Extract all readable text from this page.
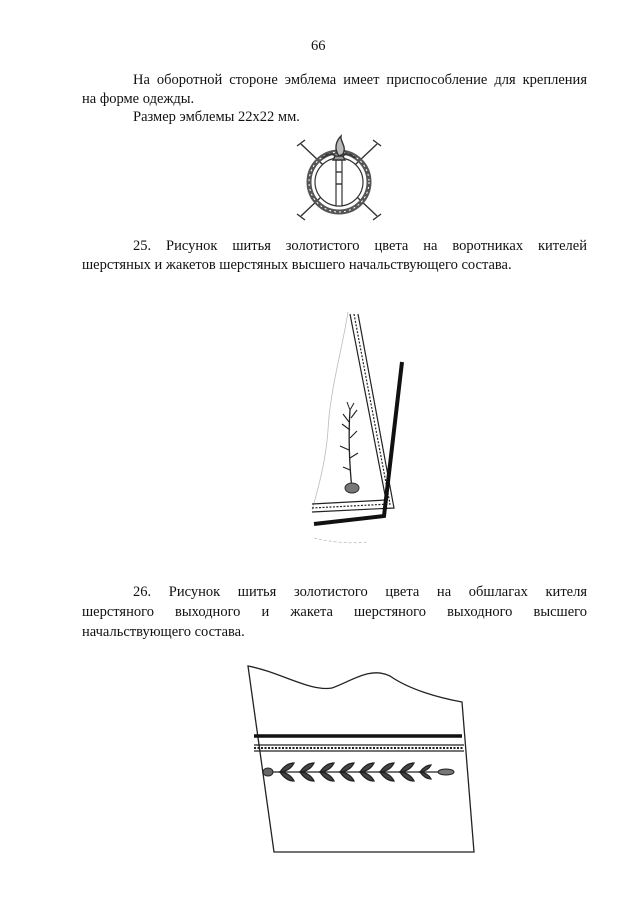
66
На оборотной стороне эмблема имеет приспособление для крепления
на форме одежды.
Размер эмблемы 22х22 мм.
25. Рисунок шитья золотистого цвета на воротниках кителей
шерстяных и жакетов шерстяных высшего начальствующего состава.
26. Рисунок шитья золотистого цвета на обшлагах кителя
шерстяного выходного и жакета шерстяного выходного высшего
начальствующего состава.
